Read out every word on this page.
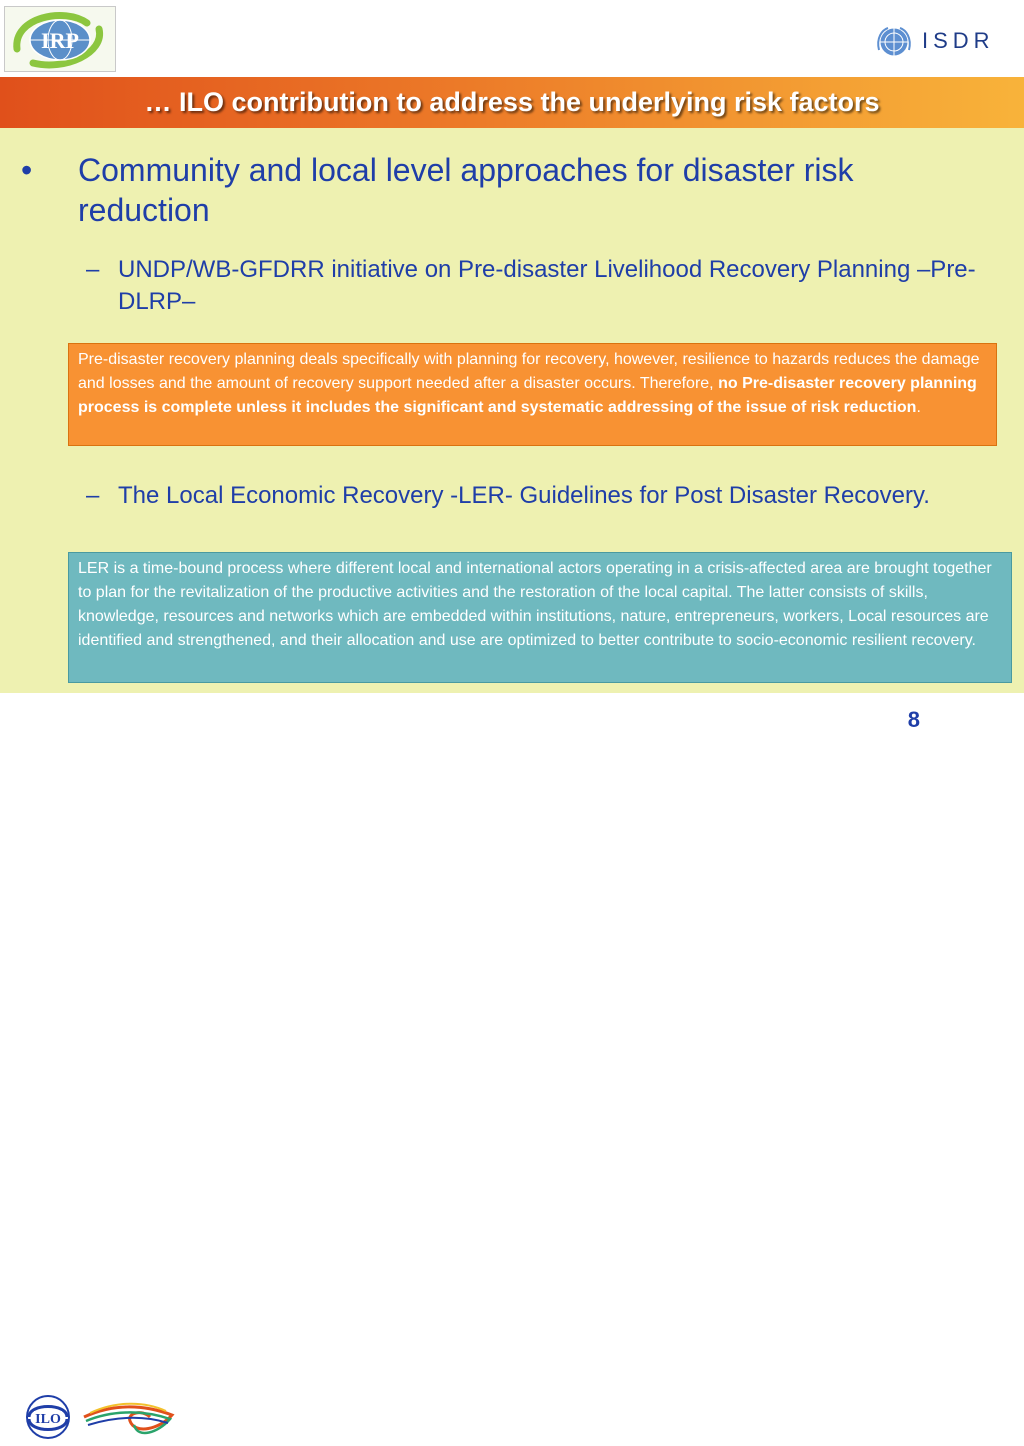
IRP	ISDR
… ILO contribution to address the underlying risk factors
• Community and local level approaches for disaster risk reduction
– UNDP/WB-GFDRR initiative on Pre-disaster Livelihood Recovery Planning –Pre-DLRP–
Pre-disaster recovery planning deals specifically with planning for recovery, however, resilience to hazards reduces the damage and losses and the amount of recovery support needed after a disaster occurs. Therefore, no Pre-disaster recovery planning process is complete unless it includes the significant and systematic addressing of the issue of risk reduction.
– The Local Economic Recovery -LER- Guidelines for Post Disaster Recovery.
LER is a time-bound process where different local and international actors operating in a crisis-affected area are brought together to plan for the revitalization of the productive activities and the restoration of the local capital. The latter consists of skills, knowledge, resources and networks which are embedded within institutions, nature, entrepreneurs, workers, Local resources are identified and strengthened, and their allocation and use are optimized to better contribute to socio-economic resilient recovery.
ILO
8
